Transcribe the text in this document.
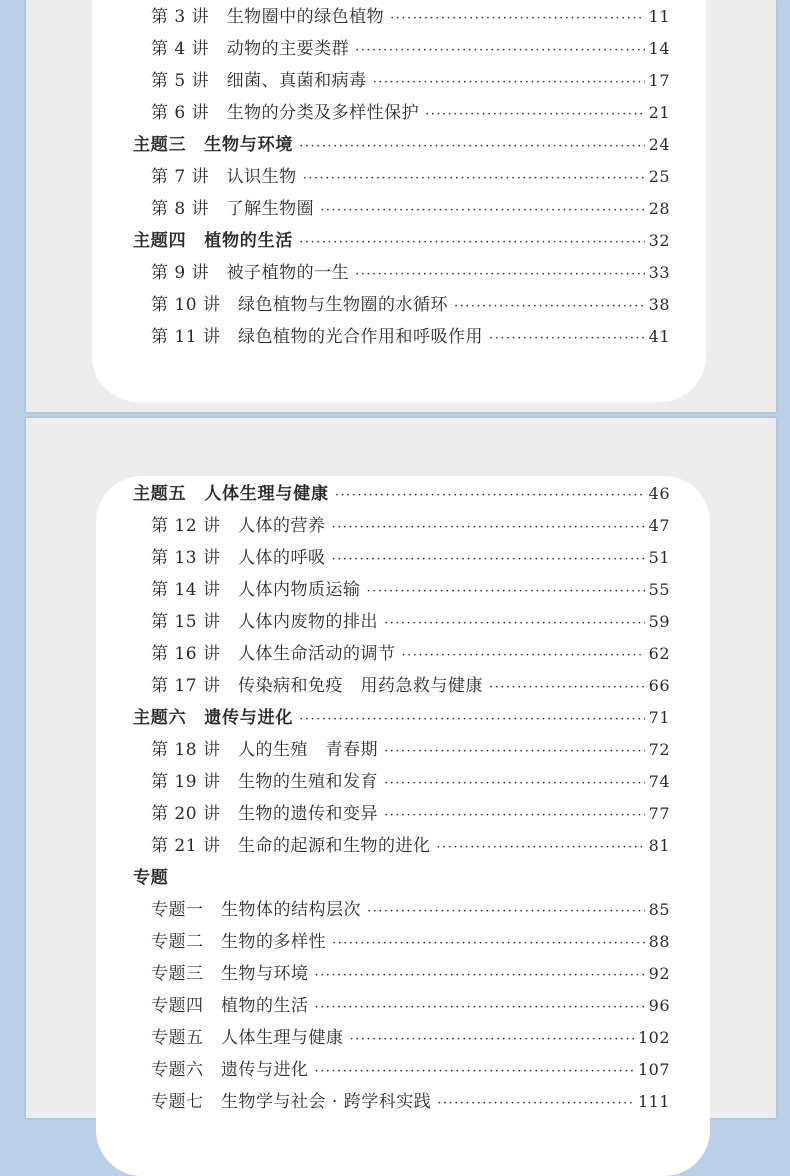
第 3 讲　生物圈中的绿色植物 ·····	11
第 4 讲　动物的主要类群 ·····	14
第 5 讲　细菌、真菌和病毒 ·····	17
第 6 讲　生物的分类及多样性保护 ·····	21
主题三　生物与环境 ·····	24
第 7 讲　认识生物 ·····	25
第 8 讲　了解生物圈 ·····	28
主题四　植物的生活 ·····	32
第 9 讲　被子植物的一生 ·····	33
第 10 讲　绿色植物与生物圈的水循环 ·····	38
第 11 讲　绿色植物的光合作用和呼吸作用 ·····	41
主题五　人体生理与健康 ·····	46
第 12 讲　人体的营养 ·····	47
第 13 讲　人体的呼吸 ·····	51
第 14 讲　人体内物质运输 ·····	55
第 15 讲　人体内废物的排出 ·····	59
第 16 讲　人体生命活动的调节 ·····	62
第 17 讲　传染病和免疫　用药急救与健康 ·····	66
主题六　遗传与进化 ·····	71
第 18 讲　人的生殖　青春期 ·····	72
第 19 讲　生物的生殖和发育 ·····	74
第 20 讲　生物的遗传和变异 ·····	77
第 21 讲　生命的起源和生物的进化 ·····	81
专题
专题一　生物体的结构层次 ·····	85
专题二　生物的多样性 ·····	88
专题三　生物与环境 ·····	92
专题四　植物的生活 ·····	96
专题五　人体生理与健康 ·····	102
专题六　遗传与进化 ·····	107
专题七　生物学与社会 · 跨学科实践 ·····	111
